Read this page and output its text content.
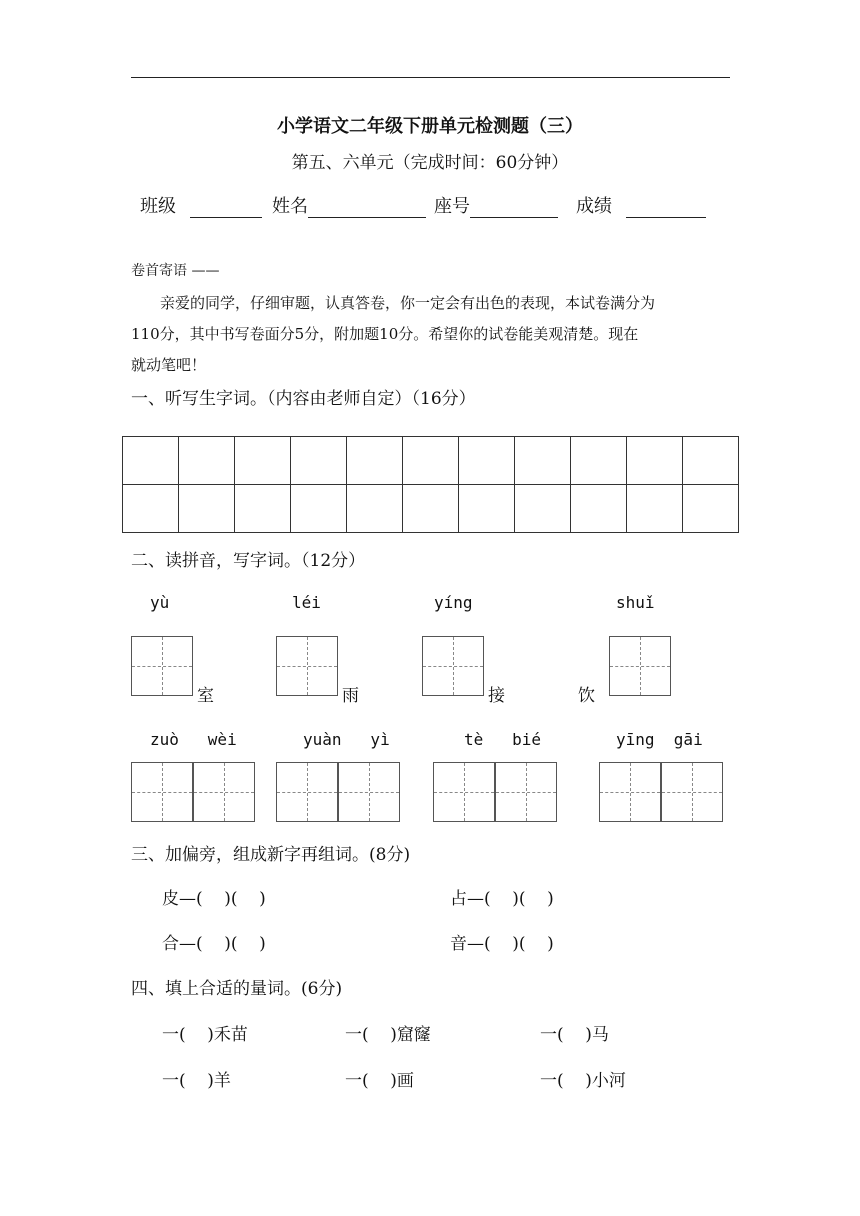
小学语文二年级下册单元检测题（三）
第五、六单元（完成时间：60分钟）
班级	姓名	座号	成绩
卷首寄语 ——
亲爱的同学，仔细审题，认真答卷，你一定会有出色的表现，本试卷满分为
110分，其中书写卷面分5分，附加题10分。希望你的试卷能美观清楚。现在
就动笔吧！
一、听写生字词。（内容由老师自定）（16分）

二、读拼音，写字词。（12分）
yù
室
léi
雨
yíng
接
shuǐ
饮
zuò   wèi	yuàn   yì	tè   bié	yīng  gāi
三、加偏旁，组成新字再组词。(8分)
皮—(    )(    )	占—(    )(    )
合—(    )(    )	音—(    )(    )
四、填上合适的量词。(6分)
一(    )禾苗	一(    )窟窿	一(    )马
一(    )羊	一(    )画	一(    )小河
